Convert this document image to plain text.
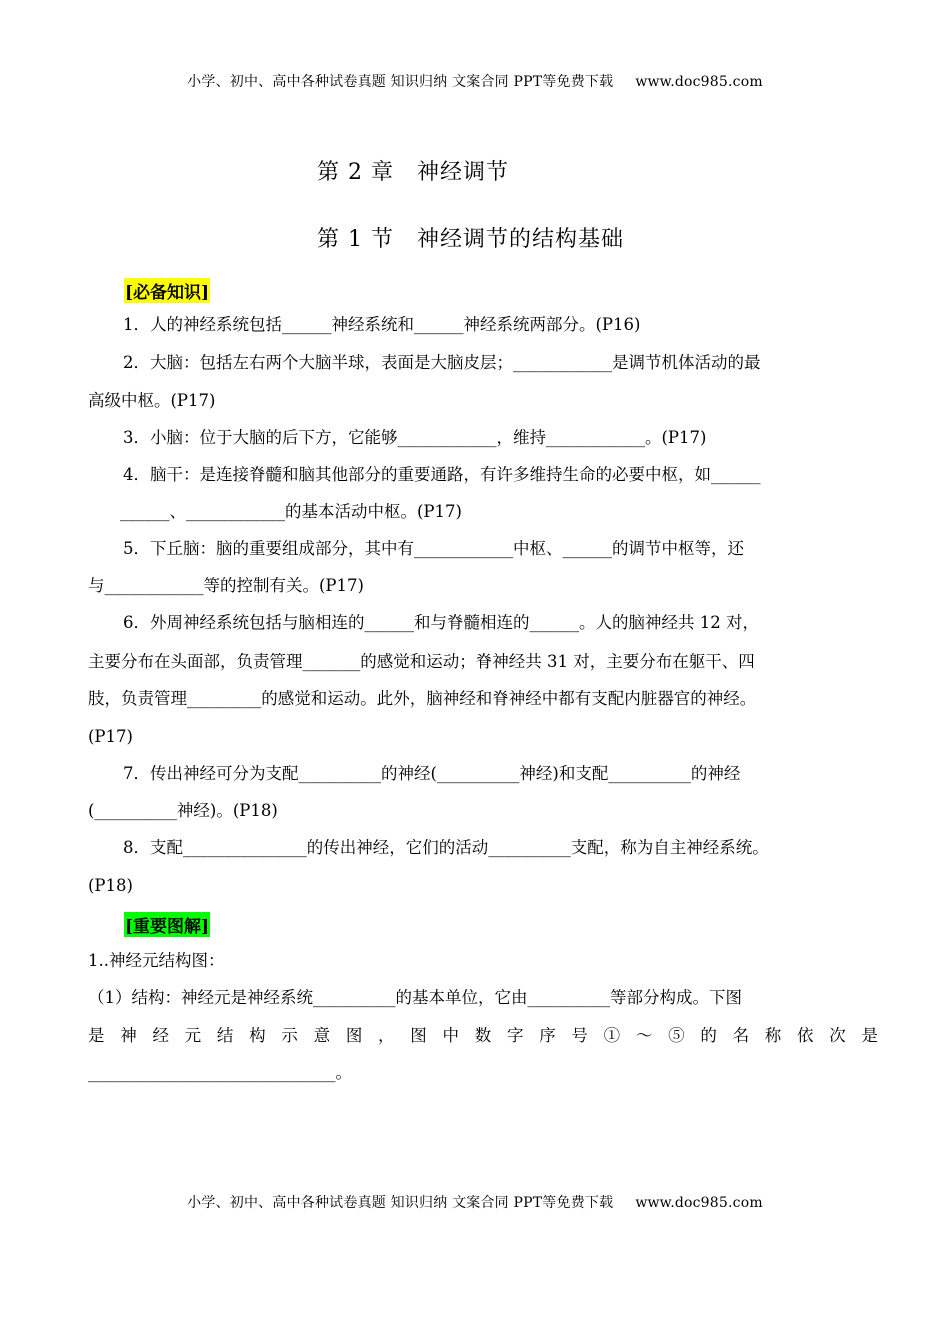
小学、初中、高中各种试卷真题 知识归纳 文案合同 PPT等免费下载 www.doc985.com
第 2 章　神经调节
第 1 节　神经调节的结构基础
[必备知识]
1．人的神经系统包括______神经系统和______神经系统两部分。(P16)
2．大脑：包括左右两个大脑半球，表面是大脑皮层；____________是调节机体活动的最
高级中枢。(P17)
3．小脑：位于大脑的后下方，它能够____________，维持____________。(P17)
4．脑干：是连接脊髓和脑其他部分的重要通路，有许多维持生命的必要中枢，如______
______、____________的基本活动中枢。(P17)
5．下丘脑：脑的重要组成部分，其中有____________中枢、______的调节中枢等，还
与____________等的控制有关。(P17)
6．外周神经系统包括与脑相连的______和与脊髓相连的______。人的脑神经共 12 对，
主要分布在头面部，负责管理_______的感觉和运动；脊神经共 31 对，主要分布在躯干、四
肢，负责管理_________的感觉和运动。此外，脑神经和脊神经中都有支配内脏器官的神经。
(P17)
7．传出神经可分为支配__________的神经(__________神经)和支配__________的神经
(__________神经)。(P18)
8．支配_______________的传出神经，它们的活动__________支配，称为自主神经系统。
(P18)
[重要图解]
1..神经元结构图：
（1）结构：神经元是神经系统__________的基本单位，它由__________等部分构成。下图
是神经元结构示意图，图中数字序号①～⑤的名称依次是
______________________________。
小学、初中、高中各种试卷真题 知识归纳 文案合同 PPT等免费下载 www.doc985.com
